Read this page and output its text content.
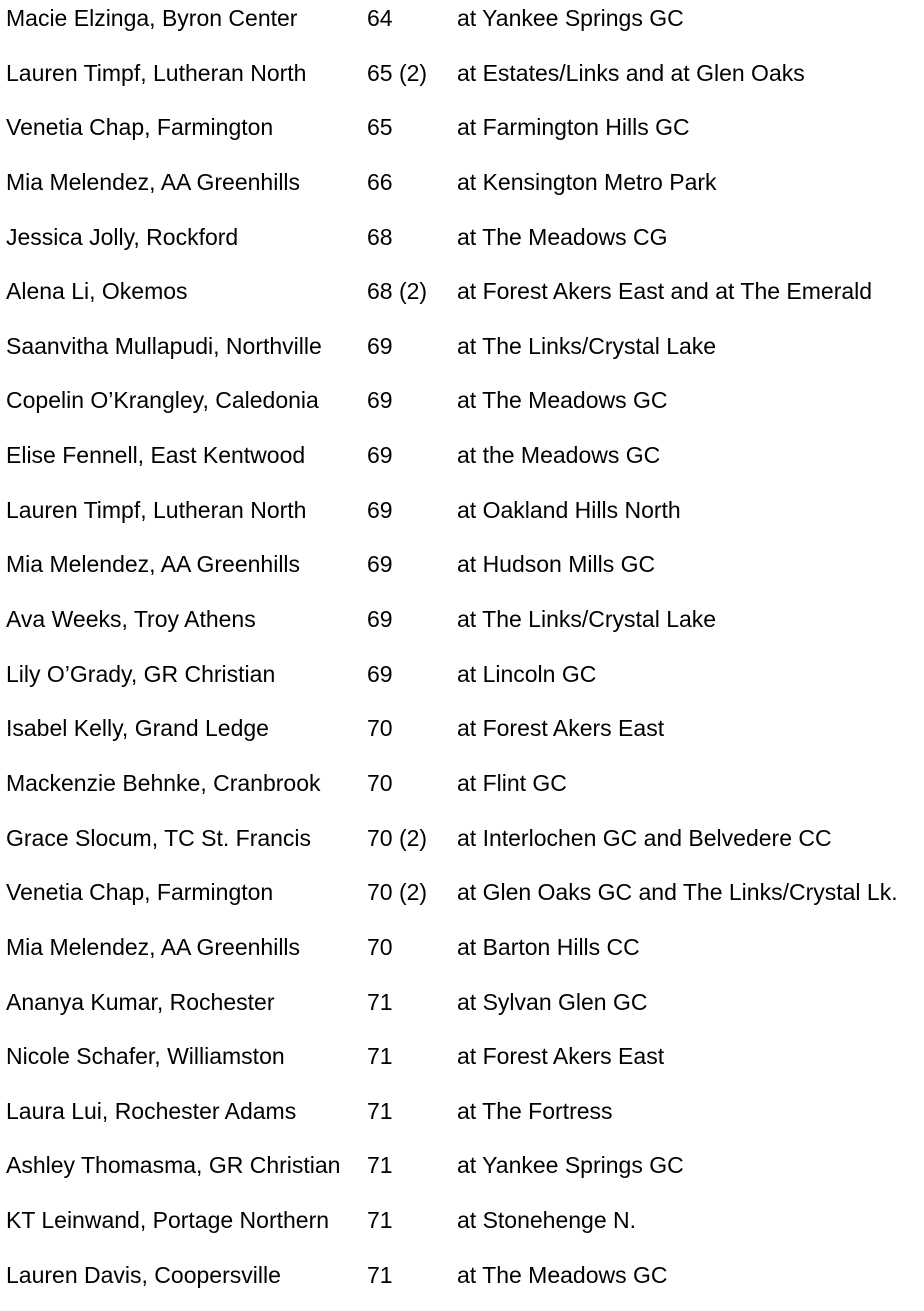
Macie Elzinga, Byron Center	64	at Yankee Springs GC
Lauren Timpf, Lutheran North	65 (2) at Estates/Links and at Glen Oaks
Venetia Chap, Farmington	65	at Farmington Hills GC
Mia Melendez, AA Greenhills	66	at Kensington Metro Park
Jessica Jolly, Rockford	68	at The Meadows CG
Alena Li, Okemos	68 (2) at Forest Akers East and at The Emerald
Saanvitha Mullapudi, Northville 69	at The Links/Crystal Lake
Copelin O’Krangley, Caledonia 69	at The Meadows GC
Elise Fennell, East Kentwood	69	at the Meadows GC
Lauren Timpf, Lutheran North	69	at Oakland Hills North
Mia Melendez, AA Greenhills	69	at Hudson Mills GC
Ava Weeks, Troy Athens	69	at The Links/Crystal Lake
Lily O’Grady, GR Christian	69	at Lincoln GC
Isabel Kelly, Grand Ledge	70	at Forest Akers East
Mackenzie Behnke, Cranbrook 70	at Flint GC
Grace Slocum, TC St. Francis 70 (2) at Interlochen GC and Belvedere CC
Venetia Chap, Farmington	70 (2) at Glen Oaks GC and The Links/Crystal Lk.
Mia Melendez, AA Greenhills	70	at Barton Hills CC
Ananya Kumar, Rochester	71	at Sylvan Glen GC
Nicole Schafer, Williamston	71	at Forest Akers East
Laura Lui, Rochester Adams	71	at The Fortress
Ashley Thomasma, GR Christian 71	at Yankee Springs GC
KT Leinwand, Portage Northern 71	at Stonehenge N.
Lauren Davis, Coopersville	71	at The Meadows GC
